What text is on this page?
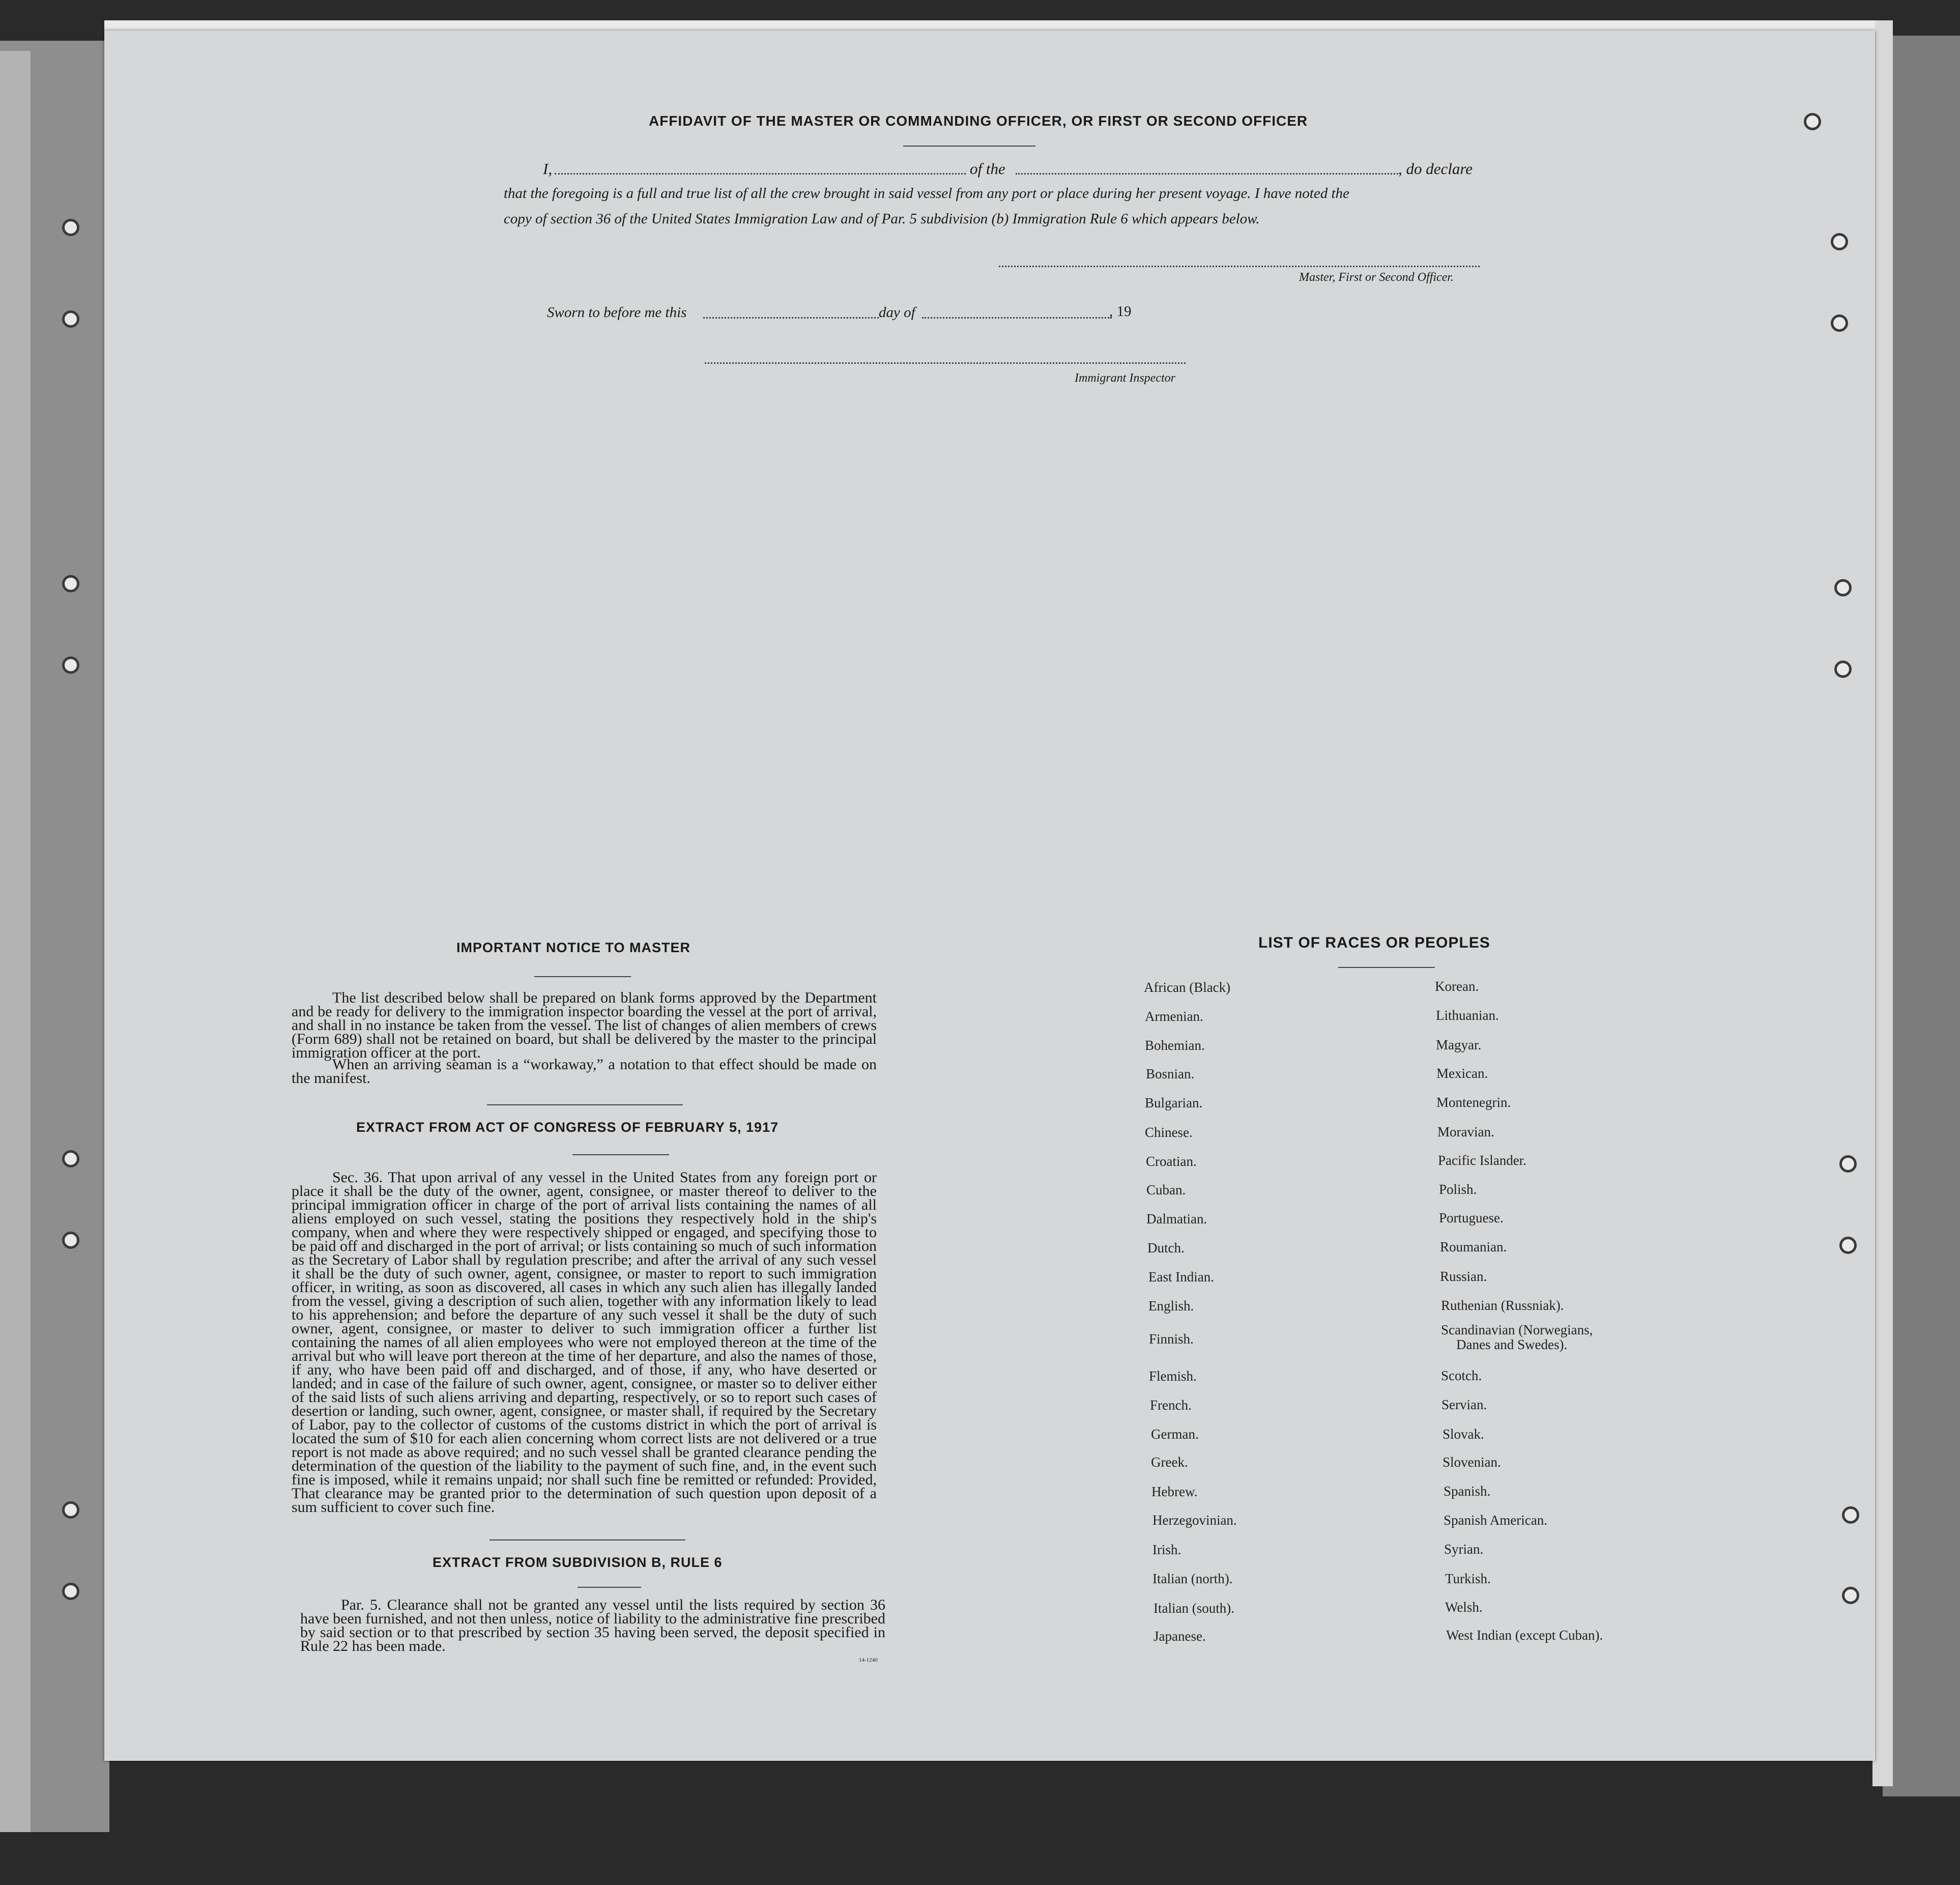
AFFIDAVIT OF THE MASTER OR COMMANDING OFFICER, OR FIRST OR SECOND OFFICER
I,	of the	, do declare
that the foregoing is a full and true list of all the crew brought in said vessel from any port or place during her present voyage. I have noted the
copy of section 36 of the United States Immigration Law and of Par. 5 subdivision (b) Immigration Rule 6 which appears below.
Master, First or Second Officer.
Sworn to before me this	day of	, 19
Immigrant Inspector
IMPORTANT NOTICE TO MASTER
The list described below shall be prepared on blank forms approved by the Department and be ready for delivery to the immigration inspector boarding the vessel at the port of arrival, and shall in no instance be taken from the vessel. The list of changes of alien members of crews (Form 689) shall not be retained on board, but shall be delivered by the master to the principal immigration officer at the port.
When an arriving seaman is a “workaway,” a notation to that effect should be made on the manifest.
EXTRACT FROM ACT OF CONGRESS OF FEBRUARY 5, 1917
Sec. 36. That upon arrival of any vessel in the United States from any foreign port or place it shall be the duty of the owner, agent, consignee, or master thereof to deliver to the principal immigration officer in charge of the port of arrival lists containing the names of all aliens employed on such vessel, stating the positions they respectively hold in the ship's company, when and where they were respectively shipped or engaged, and specifying those to be paid off and discharged in the port of arrival; or lists containing so much of such information as the Secretary of Labor shall by regulation prescribe; and after the arrival of any such vessel it shall be the duty of such owner, agent, consignee, or master to report to such immigration officer, in writing, as soon as discovered, all cases in which any such alien has illegally landed from the vessel, giving a description of such alien, together with any information likely to lead to his apprehension; and before the departure of any such vessel it shall be the duty of such owner, agent, consignee, or master to deliver to such immigration officer a further list containing the names of all alien employees who were not employed thereon at the time of the arrival but who will leave port thereon at the time of her departure, and also the names of those, if any, who have been paid off and discharged, and of those, if any, who have deserted or landed; and in case of the failure of such owner, agent, consignee, or master so to deliver either of the said lists of such aliens arriving and departing, respectively, or so to report such cases of desertion or landing, such owner, agent, consignee, or master shall, if required by the Secretary of Labor, pay to the collector of customs of the customs district in which the port of arrival is located the sum of $10 for each alien concerning whom correct lists are not delivered or a true report is not made as above required; and no such vessel shall be granted clearance pending the determination of the question of the liability to the payment of such fine, and, in the event such fine is imposed, while it remains unpaid; nor shall such fine be remitted or refunded: Provided, That clearance may be granted prior to the determination of such question upon deposit of a sum sufficient to cover such fine.
EXTRACT FROM SUBDIVISION B, RULE 6
Par. 5. Clearance shall not be granted any vessel until the lists required by section 36 have been furnished, and not then unless, notice of liability to the administrative fine prescribed by said section or to that prescribed by section 35 having been served, the deposit specified in Rule 22 has been made.
14-1240
LIST OF RACES OR PEOPLES
African (Black)
Armenian.
Bohemian.
Bosnian.
Bulgarian.
Chinese.
Croatian.
Cuban.
Dalmatian.
Dutch.
East Indian.
English.
Finnish.
Flemish.
French.
German.
Greek.
Hebrew.
Herzegovinian.
Irish.
Italian (north).
Italian (south).
Japanese.
Korean.
Lithuanian.
Magyar.
Mexican.
Montenegrin.
Moravian.
Pacific Islander.
Polish.
Portuguese.
Roumanian.
Russian.
Ruthenian (Russniak).
Scandinavian (Norwegians,
Danes and Swedes).
Scotch.
Servian.
Slovak.
Slovenian.
Spanish.
Spanish American.
Syrian.
Turkish.
Welsh.
West Indian (except Cuban).
